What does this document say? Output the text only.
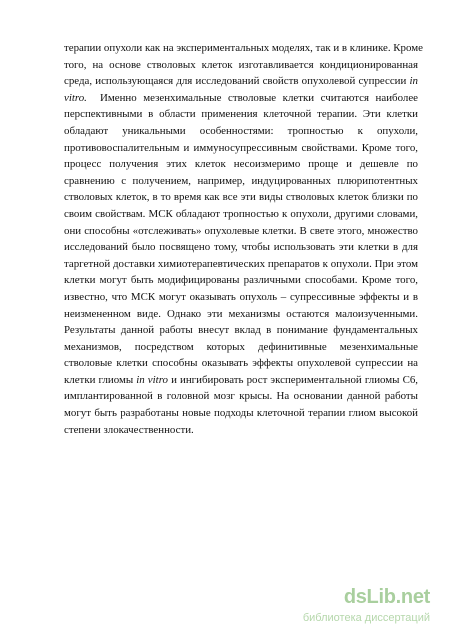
терапии опухоли как на экспериментальных моделях, так и в клинике. Кроме
того, на основе стволовых клеток изготавливается кондиционированная
среда, использующаяся для исследований свойств опухолевой супрессии in
vitro. Именно мезенхимальные стволовые клетки считаются наиболее
перспективными в области применения клеточной терапии. Эти клетки
обладают уникальными особенностями: тропностью к опухоли,
противовоспалительным и иммуносупрессивным свойствами. Кроме того,
процесс получения этих клеток несоизмеримо проще и дешевле по
сравнению с получением, например, индуцированных плюрипотентных
стволовых клеток, в то время как все эти виды стволовых клеток близки по
своим свойствам. МСК обладают тропностью к опухоли, другими словами,
они способны «отслеживать» опухолевые клетки. В свете этого, множество
исследований было посвящено тому, чтобы использовать эти клетки в для
таргетной доставки химиотерапевтических препаратов к опухоли. При этом
клетки могут быть модифицированы различными способами. Кроме того,
известно, что МСК могут оказывать опухоль – супрессивные эффекты и в
неизмененном виде. Однако эти механизмы остаются малоизученными.
Результаты данной работы внесут вклад в понимание фундаментальных
механизмов, посредством которых дефинитивные мезенхимальные
стволовые клетки способны оказывать эффекты опухолевой супрессии на
клетки глиомы in vitro и ингибировать рост экспериментальной глиомы С6,
имплантированной в головной мозг крысы. На основании данной работы
могут быть разработаны новые подходы клеточной терапии глиом высокой
степени злокачественности.
dsLib.net
библиотека диссертаций
